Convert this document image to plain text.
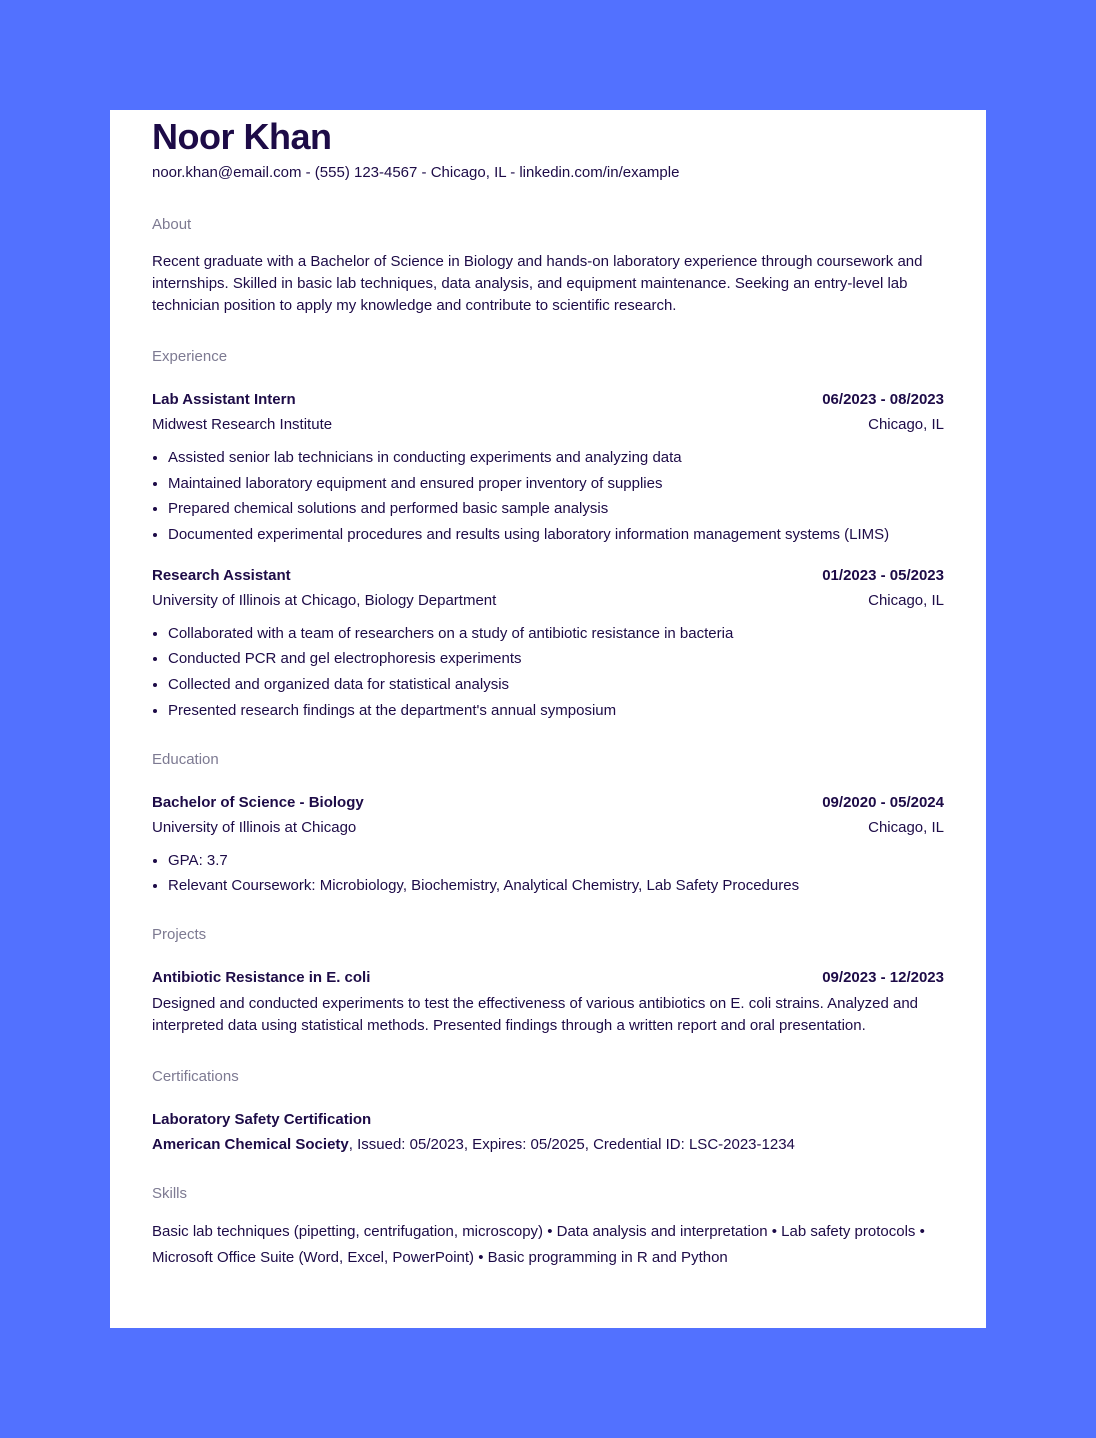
Noor Khan
noor.khan@email.com - (555) 123-4567 - Chicago, IL - linkedin.com/in/example
About
Recent graduate with a Bachelor of Science in Biology and hands-on laboratory experience through coursework and internships. Skilled in basic lab techniques, data analysis, and equipment maintenance. Seeking an entry-level lab technician position to apply my knowledge and contribute to scientific research.
Experience
Lab Assistant Intern	06/2023 - 08/2023
Midwest Research Institute	Chicago, IL
• Assisted senior lab technicians in conducting experiments and analyzing data
• Maintained laboratory equipment and ensured proper inventory of supplies
• Prepared chemical solutions and performed basic sample analysis
• Documented experimental procedures and results using laboratory information management systems (LIMS)
Research Assistant	01/2023 - 05/2023
University of Illinois at Chicago, Biology Department	Chicago, IL
• Collaborated with a team of researchers on a study of antibiotic resistance in bacteria
• Conducted PCR and gel electrophoresis experiments
• Collected and organized data for statistical analysis
• Presented research findings at the department's annual symposium
Education
Bachelor of Science - Biology	09/2020 - 05/2024
University of Illinois at Chicago	Chicago, IL
• GPA: 3.7
• Relevant Coursework: Microbiology, Biochemistry, Analytical Chemistry, Lab Safety Procedures
Projects
Antibiotic Resistance in E. coli	09/2023 - 12/2023
Designed and conducted experiments to test the effectiveness of various antibiotics on E. coli strains. Analyzed and interpreted data using statistical methods. Presented findings through a written report and oral presentation.
Certifications
Laboratory Safety Certification
American Chemical Society, Issued: 05/2023, Expires: 05/2025, Credential ID: LSC-2023-1234
Skills
Basic lab techniques (pipetting, centrifugation, microscopy) • Data analysis and interpretation • Lab safety protocols • Microsoft Office Suite (Word, Excel, PowerPoint) • Basic programming in R and Python
